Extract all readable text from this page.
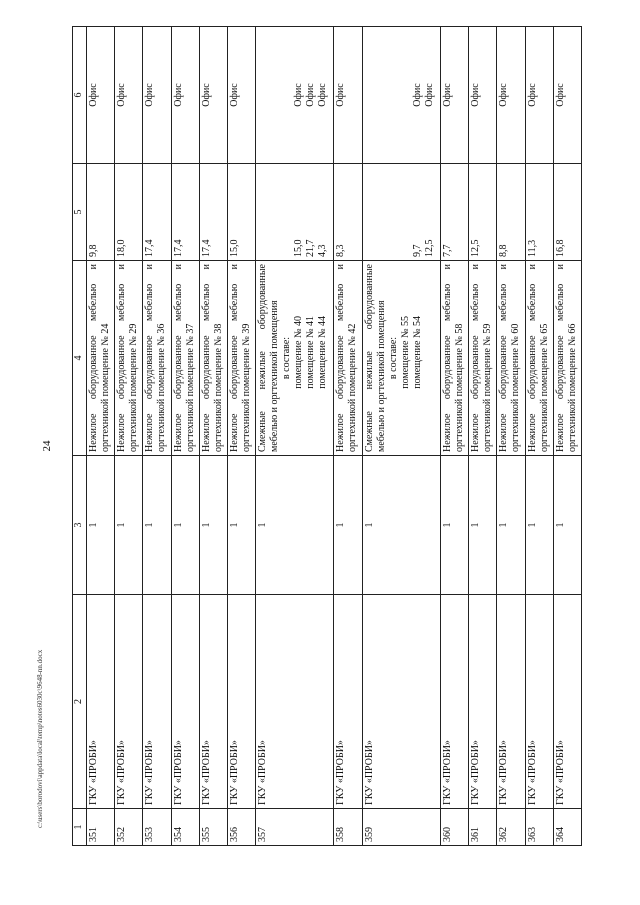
24
c:\users\borodovi\appdata\local\temp\notes6030c\9648-nn.docx	1	2	3	4	5	6
351	ГКУ «ПРОБИ»	1	Нежилое оборудованное мебелью и оргтехникой помещение № 24	9,8	Офис
352	ГКУ «ПРОБИ»	1	Нежилое оборудованное мебелью и оргтехникой помещение № 29	18,0	Офис
353	ГКУ «ПРОБИ»	1	Нежилое оборудованное мебелью и оргтехникой помещение № 36	17,4	Офис
354	ГКУ «ПРОБИ»	1	Нежилое оборудованное мебелью и оргтехникой помещение № 37	17,4	Офис
355	ГКУ «ПРОБИ»	1	Нежилое оборудованное мебелью и оргтехникой помещение № 38	17,4	Офис
356	ГКУ «ПРОБИ»	1	Нежилое оборудованное мебелью и оргтехникой помещение № 39	15,0	Офис
357	ГКУ «ПРОБИ»	1	Смежные нежилые оборудованные мебелью и оргтехникой помещения в составе: помещение № 40 помещение № 41 помещение № 44	15,0 21,7 4,3	Офис Офис Офис

358	ГКУ «ПРОБИ»	1	Нежилое оборудованное мебелью и оргтехникой помещение № 42	8,3	Офис
359	ГКУ «ПРОБИ»	1	Смежные нежилые оборудованные мебелью и оргтехникой помещения в составе: помещение № 55 помещение № 54	9,7 12,5	Офис Офис

360	ГКУ «ПРОБИ»	1	Нежилое оборудованное мебелью и оргтехникой помещение № 58	7,7	Офис
361	ГКУ «ПРОБИ»	1	Нежилое оборудованное мебелью и оргтехникой помещение № 59	12,5	Офис
362	ГКУ «ПРОБИ»	1	Нежилое оборудованное мебелью и оргтехникой помещение № 60	8,8	Офис
363	ГКУ «ПРОБИ»	1	Нежилое оборудованное мебелью и оргтехникой помещение № 65	11,3	Офис
364	ГКУ «ПРОБИ»	1	Нежилое оборудованное мебелью и оргтехникой помещение № 66	16,8	Офис
